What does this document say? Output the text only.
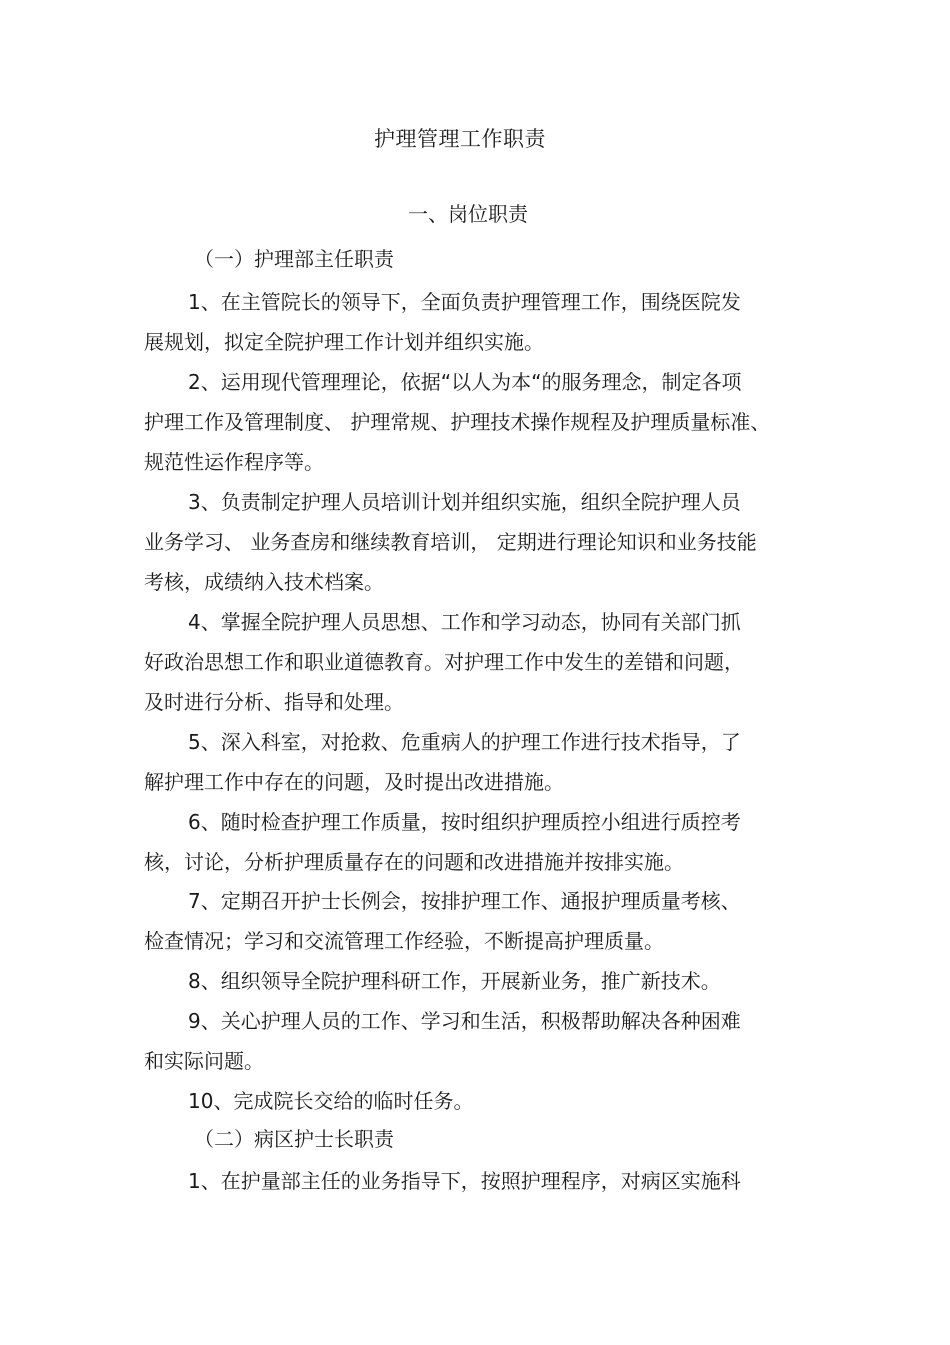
护理管理工作职责
一、岗位职责
（一）护理部主任职责
1、在主管院长的领导下，全面负责护理管理工作，围绕医院发
展规划，拟定全院护理工作计划并组织实施。
2、运用现代管理理论，依据“以人为本“的服务理念，制定各项
护理工作及管理制度、 护理常规、护理技术操作规程及护理质量标准、
规范性运作程序等。
3、负责制定护理人员培训计划并组织实施，组织全院护理人员
业务学习、 业务查房和继续教育培训， 定期进行理论知识和业务技能
考核，成绩纳入技术档案。
4、掌握全院护理人员思想、工作和学习动态，协同有关部门抓
好政治思想工作和职业道德教育。对护理工作中发生的差错和问题，
及时进行分析、指导和处理。
5、深入科室，对抢救、危重病人的护理工作进行技术指导，了
解护理工作中存在的问题，及时提出改进措施。
6、随时检查护理工作质量，按时组织护理质控小组进行质控考
核，讨论，分析护理质量存在的问题和改进措施并按排实施。
7、定期召开护士长例会，按排护理工作、通报护理质量考核、
检查情况；学习和交流管理工作经验，不断提高护理质量。
8、组织领导全院护理科研工作，开展新业务，推广新技术。
9、关心护理人员的工作、学习和生活，积极帮助解决各种困难
和实际问题。
10、完成院长交给的临时任务。
（二）病区护士长职责
1、在护量部主任的业务指导下，按照护理程序，对病区实施科
